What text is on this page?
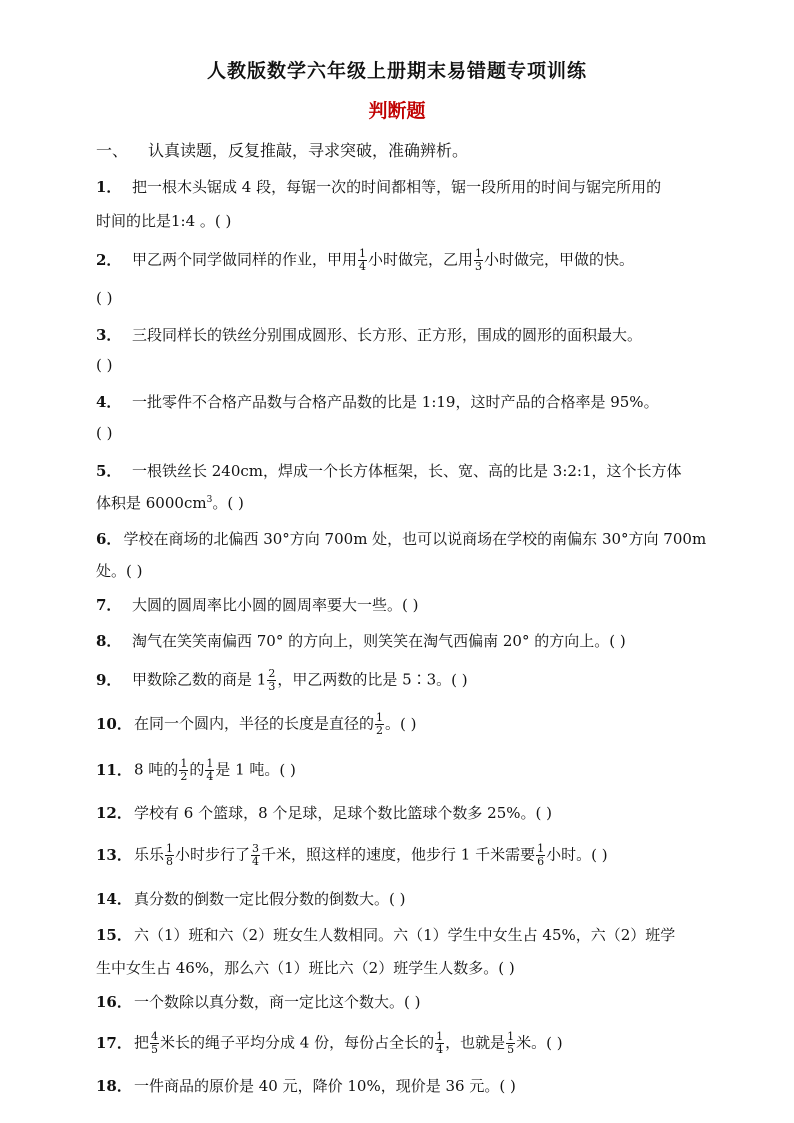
人教版数学六年级上册期末易错题专项训练
判断题
一、 认真读题，反复推敲，寻求突破，准确辨析。
1． 把一根木头锯成 4 段，每锯一次的时间都相等，锯一段所用的时间与锯完所用的
时间的比是1:4 。( )
2． 甲乙两个同学做同样的作业，甲用 $\frac{1}{4}$ 小时做完，乙用 $\frac{1}{3}$ 小时做完，甲做的快。
( )
3． 三段同样长的铁丝分别围成圆形、长方形、正方形，围成的圆形的面积最大。
( )
4． 一批零件不合格产品数与合格产品数的比是 1:19，这时产品的合格率是 95%。
( )
5． 一根铁丝长 240cm，焊成一个长方体框架，长、宽、高的比是 3:2:1，这个长方体
体积是 $6000cm^3$。( )
6． 学校在商场的北偏西 30°方向 700m 处，也可以说商场在学校的南偏东 30°方向 700m
处。( )
7． 大圆的圆周率比小圆的圆周率要大一些。( )
8． 淘气在笑笑南偏西 70° 的方向上，则笑笑在淘气西偏南 20° 的方向上。( )
9． 甲数除乙数的商是 $1 \frac{2}{3}$ ，甲乙两数的比是 5∶3。( )
10． 在同一个圆内，半径的长度是直径的 $\frac{1}{2}$ 。( )
11． 8 吨的 $\frac{1}{2}$ 的 $\frac{1}{4}$ 是 1 吨。( )
12． 学校有 6 个篮球，8 个足球，足球个数比篮球个数多 25%。( )
13． 乐乐 $\frac{1}{8}$ 小时步行了 $\frac{3}{4}$ 千米，照这样的速度，他步行 1 千米需要 $\frac{1}{6}$ 小时。( )
14． 真分数的倒数一定比假分数的倒数大。( )
15． 六（1）班和六（2）班女生人数相同。六（1）学生中女生占 45%，六（2）班学
生中女生占 46%，那么六（1）班比六（2）班学生人数多。( )
16． 一个数除以真分数，商一定比这个数大。( )
17． 把 $\frac{4}{5}$ 米长的绳子平均分成 4 份，每份占全长的 $\frac{1}{4}$ ，也就是 $\frac{1}{5}$ 米。( )
18． 一件商品的原价是 40 元，降价 10%，现价是 36 元。( )
